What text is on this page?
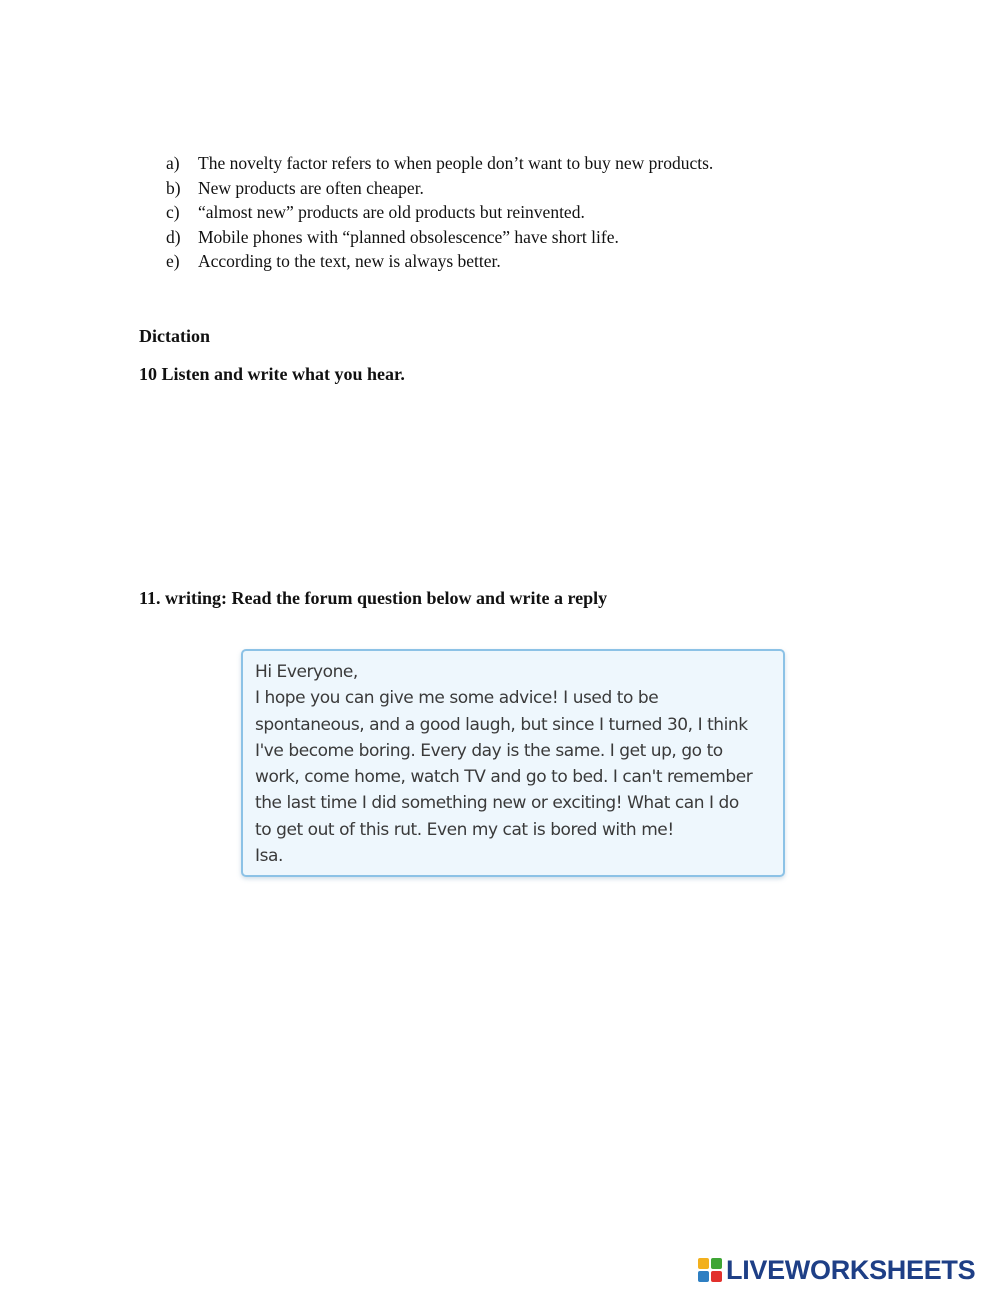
a)	The novelty factor refers to when people don’t want to buy new products.
b) New products are often cheaper.
c)	“almost new” products are old products but reinvented.
d) Mobile phones with “planned obsolescence” have short life.
e)	According to the text, new is always better.
Dictation
10 Listen and write what you hear.
11. writing: Read the forum question below and write a reply
Hi Everyone,
I hope you can give me some advice! I used to be
spontaneous, and a good laugh, but since I turned 30, I think
I've become boring. Every day is the same. I get up, go to
work, come home, watch TV and go to bed. I can't remember
the last time I did something new or exciting! What can I do
to get out of this rut. Even my cat is bored with me!
Isa.
LIVEWORKSHEETS
